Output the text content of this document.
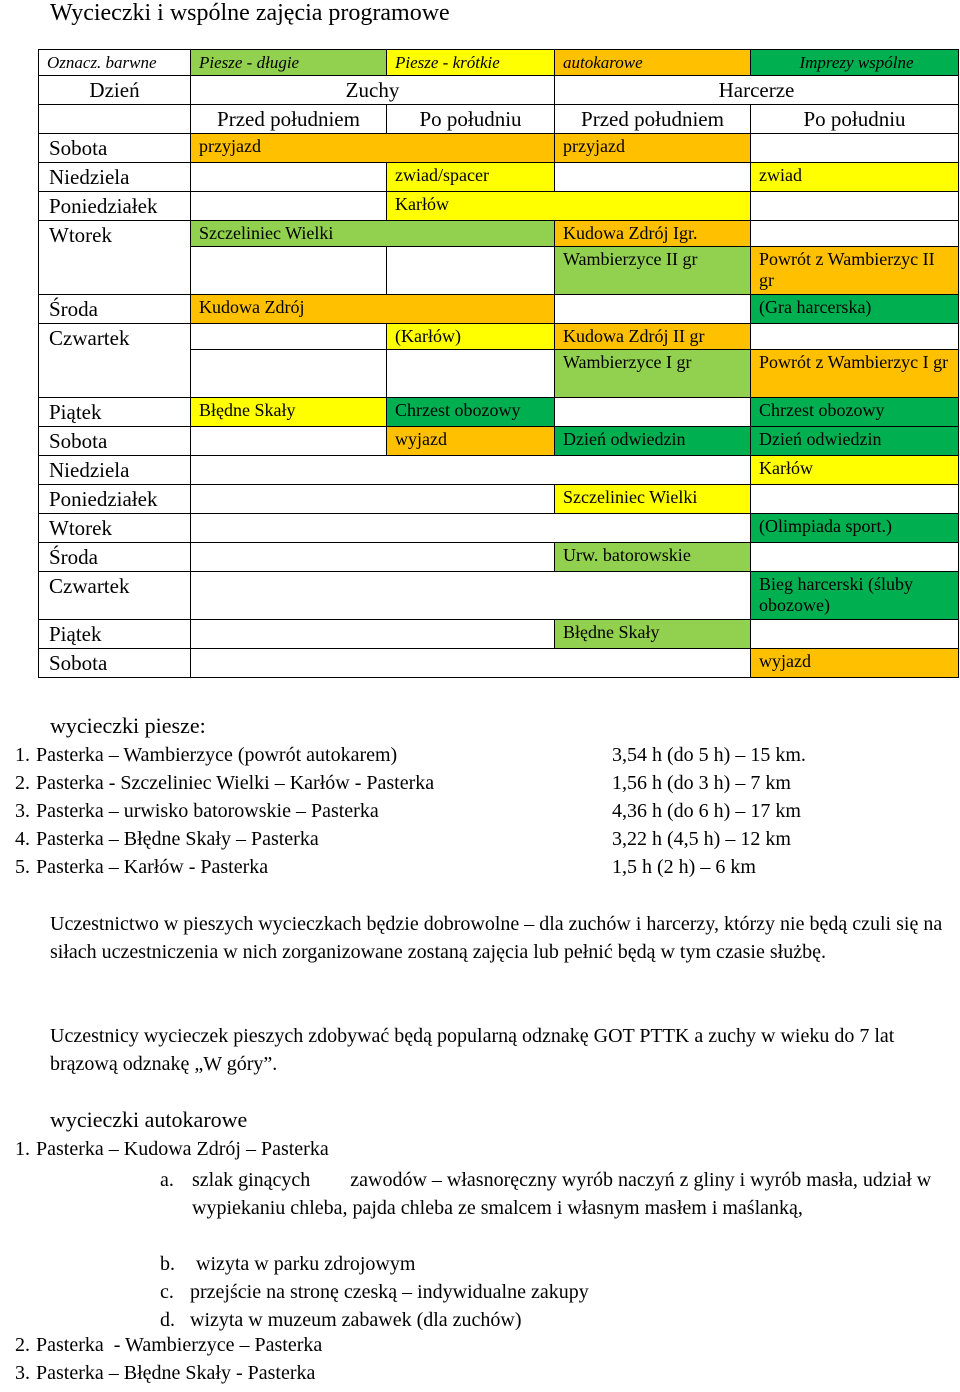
Wycieczki i wspólne zajęcia programowe
Oznacz. barwne	Piesze - długie	Piesze - krótkie	autokarowe	Imprezy wspólne
Dzień	Zuchy		Harcerze	
	Przed południem	Po południu	Przed południem	Po południu
Sobota	przyjazd		przyjazd	
Niedziela		zwiad/spacer		zwiad
Poniedziałek		Karłów		
Wtorek	Szczeliniec Wielki		Kudowa Zdrój Igr.	
			Wambierzyce II gr	Powrót z Wambierzyc II gr
Środa	Kudowa Zdrój			(Gra harcerska)
Czwartek		(Karłów)	Kudowa Zdrój II gr	
			Wambierzyce I gr	Powrót z Wambierzyc I gr
Piątek	Błędne Skały	Chrzest obozowy		Chrzest obozowy
Sobota		wyjazd	Dzień odwiedzin	Dzień odwiedzin
Niedziela				Karłów
Poniedziałek			Szczeliniec Wielki	
Wtorek				(Olimpiada sport.)
Środa			Urw. batorowskie	
Czwartek				Bieg harcerski (śluby obozowe)
Piątek			Błędne Skały	
Sobota				wyjazd
wycieczki piesze:
1. Pasterka – Wambierzyce (powrót autokarem)	3,54 h (do 5 h) – 15 km.
2. Pasterka - Szczeliniec Wielki – Karłów - Pasterka	1,56 h (do 3 h) – 7 km
3. Pasterka – urwisko batorowskie – Pasterka	4,36 h (do 6 h) – 17 km
4. Pasterka – Błędne Skały – Pasterka	3,22 h (4,5 h) – 12 km
5. Pasterka – Karłów - Pasterka	1,5 h (2 h) – 6 km
Uczestnictwo w pieszych wycieczkach będzie dobrowolne – dla zuchów i harcerzy, którzy nie będą czuli się na siłach uczestniczenia w nich zorganizowane zostaną zajęcia lub pełnić będą w tym czasie służbę.
Uczestnicy wycieczek pieszych zdobywać będą popularną odznakę GOT PTTK a zuchy w wieku do 7 lat brązową odznakę „W góry”.
wycieczki autokarowe
1. Pasterka – Kudowa Zdrój – Pasterka
a. szlak ginących        zawodów – własnoręczny wyrób naczyń z gliny i wyrób masła, udział w wypiekaniu chleba, pajda chleba ze smalcem i własnym masłem i maślanką,
b.	wizyta w parku zdrojowym
c. przejście na stronę czeską – indywidualne zakupy
d. wizyta w muzeum zabawek (dla zuchów)
2. Pasterka  - Wambierzyce – Pasterka
3. Pasterka – Błędne Skały - Pasterka
